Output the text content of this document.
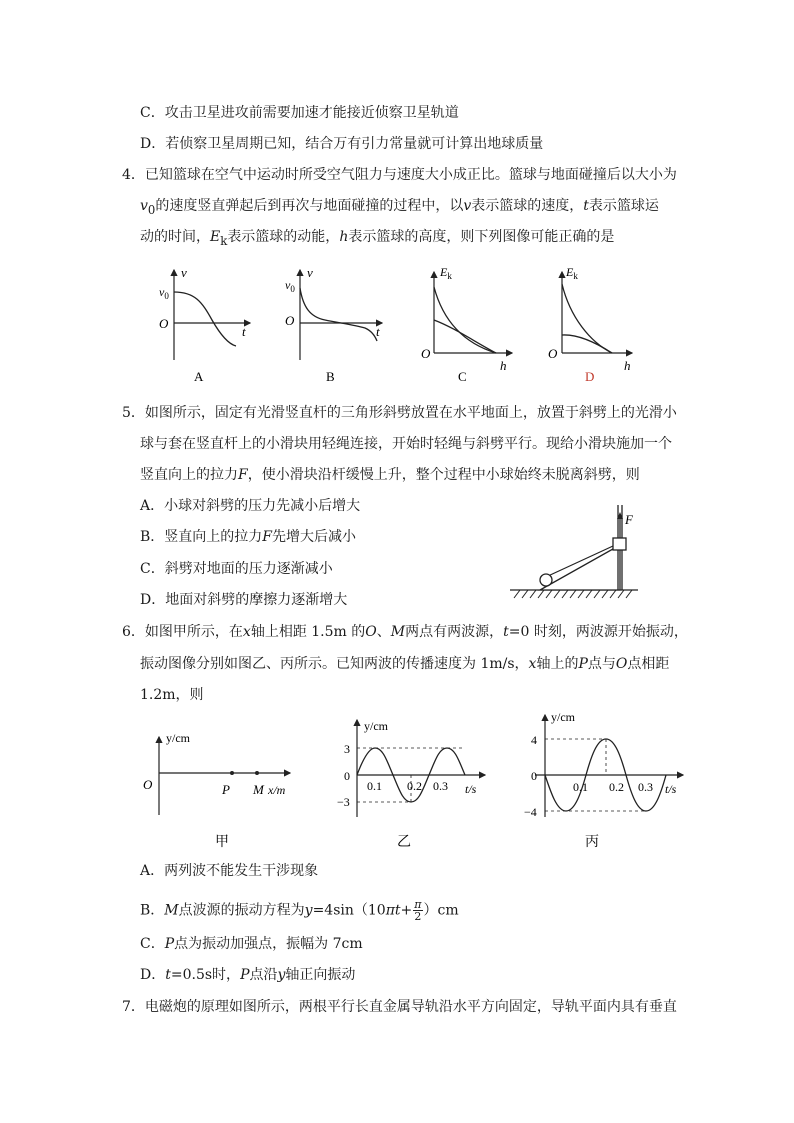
C．攻击卫星进攻前需要加速才能接近侦察卫星轨道
D．若侦察卫星周期已知，结合万有引力常量就可计算出地球质量
4．已知篮球在空气中运动时所受空气阻力与速度大小成正比。篮球与地面碰撞后以大小为
$v_0$的速度竖直弹起后到再次与地面碰撞的过程中，以v表示篮球的速度，t表示篮球运
动的时间，$E_k$表示篮球的动能，h表示篮球的高度，则下列图像可能正确的是
v
$v_0$
O
t
A
v
$v_0$
O
t
B
$E_k$
O
h
C
$E_k$
O
h
D
5．如图所示，固定有光滑竖直杆的三角形斜劈放置在水平地面上，放置于斜劈上的光滑小
球与套在竖直杆上的小滑块用轻绳连接，开始时轻绳与斜劈平行。现给小滑块施加一个
竖直向上的拉力F，使小滑块沿杆缓慢上升，整个过程中小球始终未脱离斜劈，则
A．小球对斜劈的压力先减小后增大
B．竖直向上的拉力F先增大后减小
C．斜劈对地面的压力逐渐减小
D．地面对斜劈的摩擦力逐渐增大
F
6．如图甲所示，在x轴上相距 1.5m 的O、M两点有两波源，t=0 时刻，两波源开始振动，
振动图像分别如图乙、丙所示。已知两波的传播速度为 1m/s，x轴上的P点与O点相距
1.2m，则
y/cm
O	P M x/m
甲
y/cm
3
0
−3
0.1 0.2 0.3 t/s
乙
y/cm
4
0
−4
0.1 0.2 0.3 t/s
丙
A．两列波不能发生干涉现象
B．M点波源的振动方程为$y=4\sin(10\pi t+ \frac{\pi}{2} )cm$
C．P点为振动加强点，振幅为 7cm
D．t=0.5s时，P点沿y轴正向振动
7．电磁炮的原理如图所示，两根平行长直金属导轨沿水平方向固定，导轨平面内具有垂直
